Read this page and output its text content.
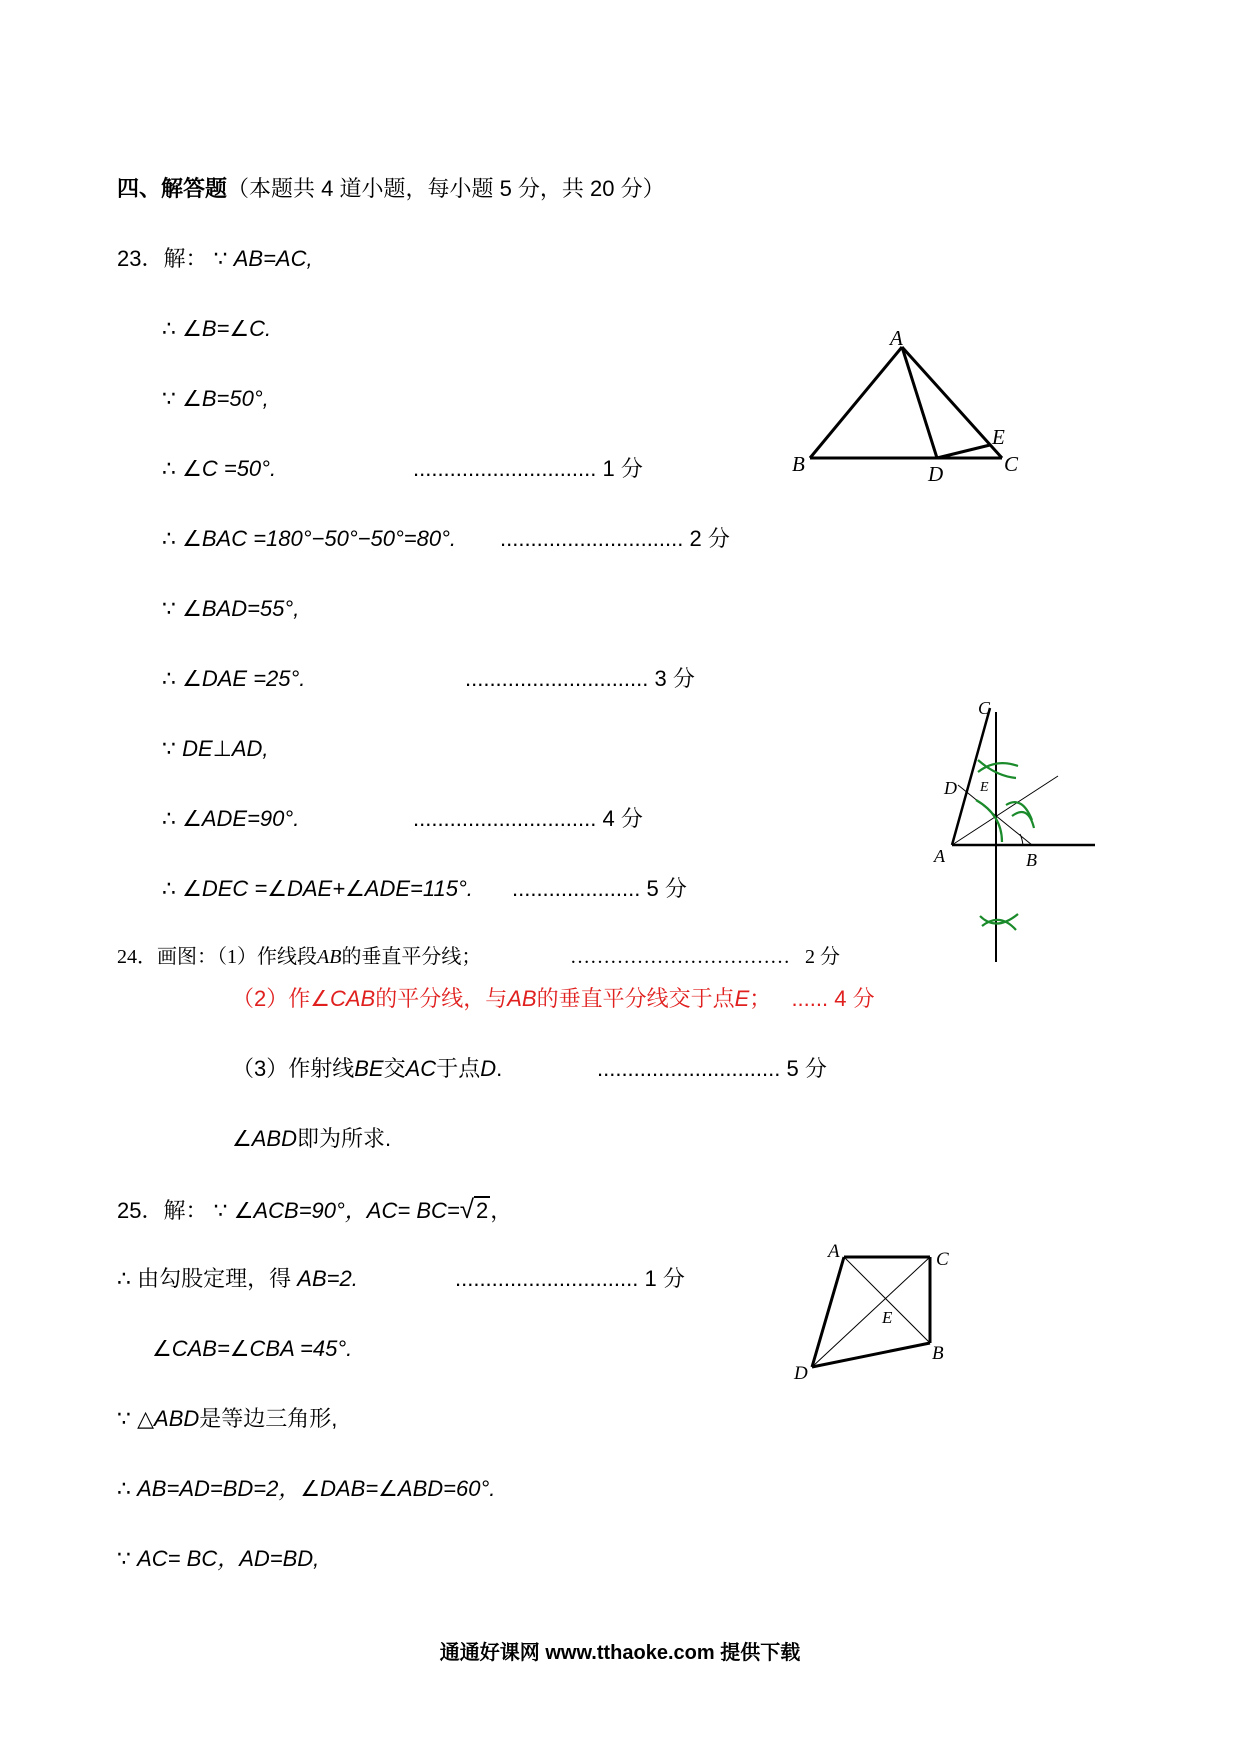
四、解答题（本题共 4 道小题，每小题 5 分，共 20 分）
23．解： ∵ AB=AC,
∴ ∠B=∠C.
∵ ∠B=50°,
∴ ∠C =50°.	.............................. 1 分
∴ ∠BAC =180°−50°−50°=80°. .............................. 2 分
∵ ∠BAD=55°,
∴ ∠DAE =25°.	.............................. 3 分
∵ DE⊥AD,
∴ ∠ADE=90°.	.............................. 4 分
∴ ∠DEC =∠DAE+∠ADE=115°. ..................... 5 分
A
B	C
D
E
24．画图：（1）作线段AB的垂直平分线；	…………………………… 2 分
（2）作∠CAB的平分线，与AB的垂直平分线交于点E； ...... 4 分
（3）作射线BE交AC于点D.	.............................. 5 分
∠ABD即为所求.
C
D E
A	B
25．解： ∵ ∠ACB=90°，AC= BC=√2，
∴ 由勾股定理，得 AB=2.	.............................. 1 分
∠CAB=∠CBA =45°.
∵ △ABD是等边三角形,
∴ AB=AD=BD=2，∠DAB=∠ABD=60°.
∵ AC= BC，AD=BD,
A	C
E
B
D
通通好课网 www.tthaoke.com 提供下载
